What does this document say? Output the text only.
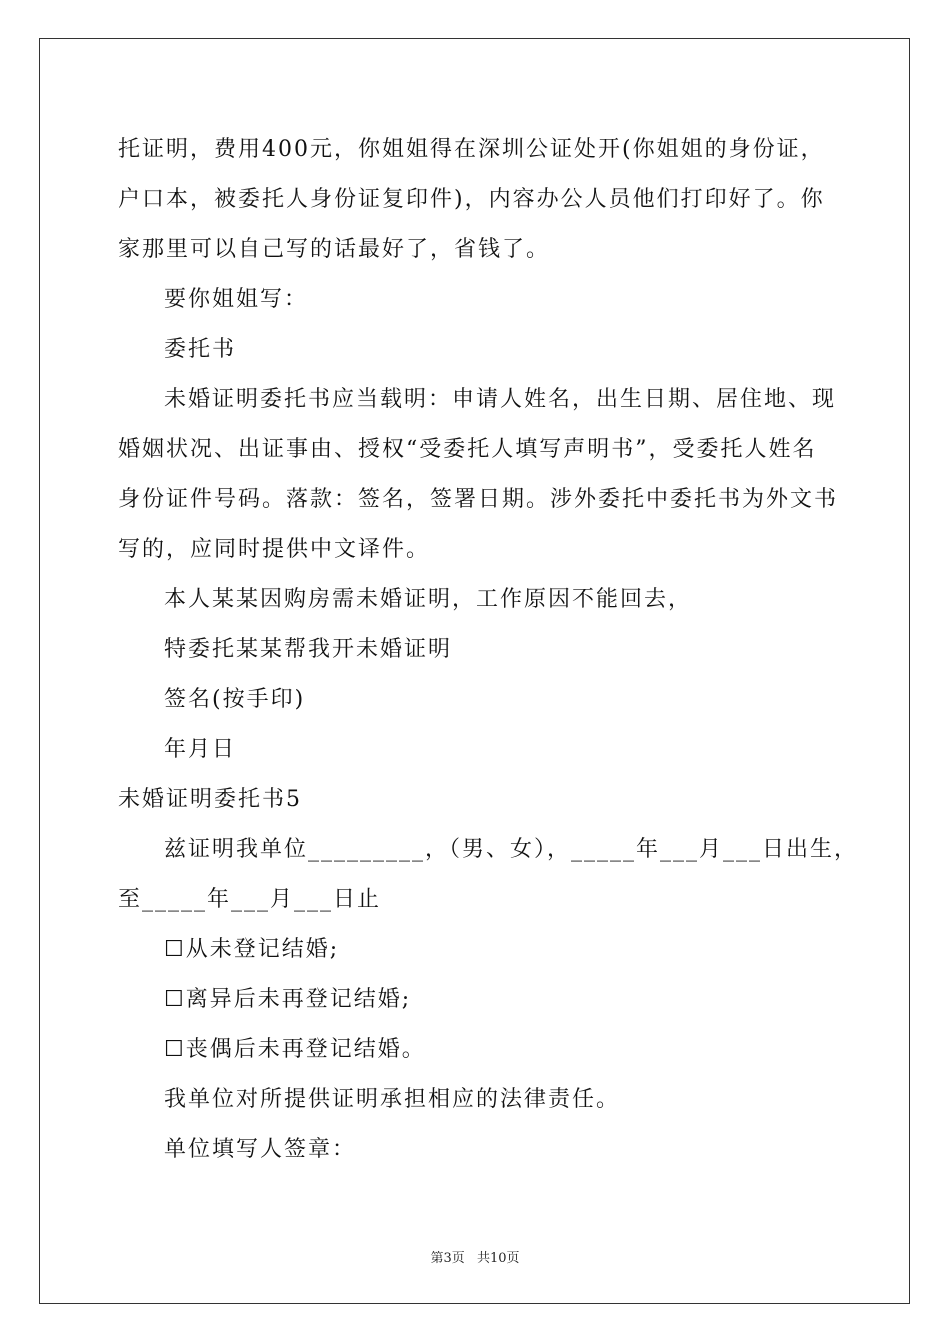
托证明，费用400元，你姐姐得在深圳公证处开(你姐姐的身份证，
户口本，被委托人身份证复印件)，内容办公人员他们打印好了。你
家那里可以自己写的话最好了，省钱了。
要你姐姐写：
委托书
未婚证明委托书应当载明：申请人姓名，出生日期、居住地、现
婚姻状况、出证事由、授权“受委托人填写声明书”，受委托人姓名
身份证件号码。落款：签名，签署日期。涉外委托中委托书为外文书
写的，应同时提供中文译件。
本人某某因购房需未婚证明，工作原因不能回去，
特委托某某帮我开未婚证明
签名(按手印)
年月日
未婚证明委托书5
兹证明我单位_________，（男、女），_____年___月___日出生，
至_____年___月___日止
☐从未登记结婚;
☐离异后未再登记结婚;
☐丧偶后未再登记结婚。
我单位对所提供证明承担相应的法律责任。
单位填写人签章：
第3页 共10页
